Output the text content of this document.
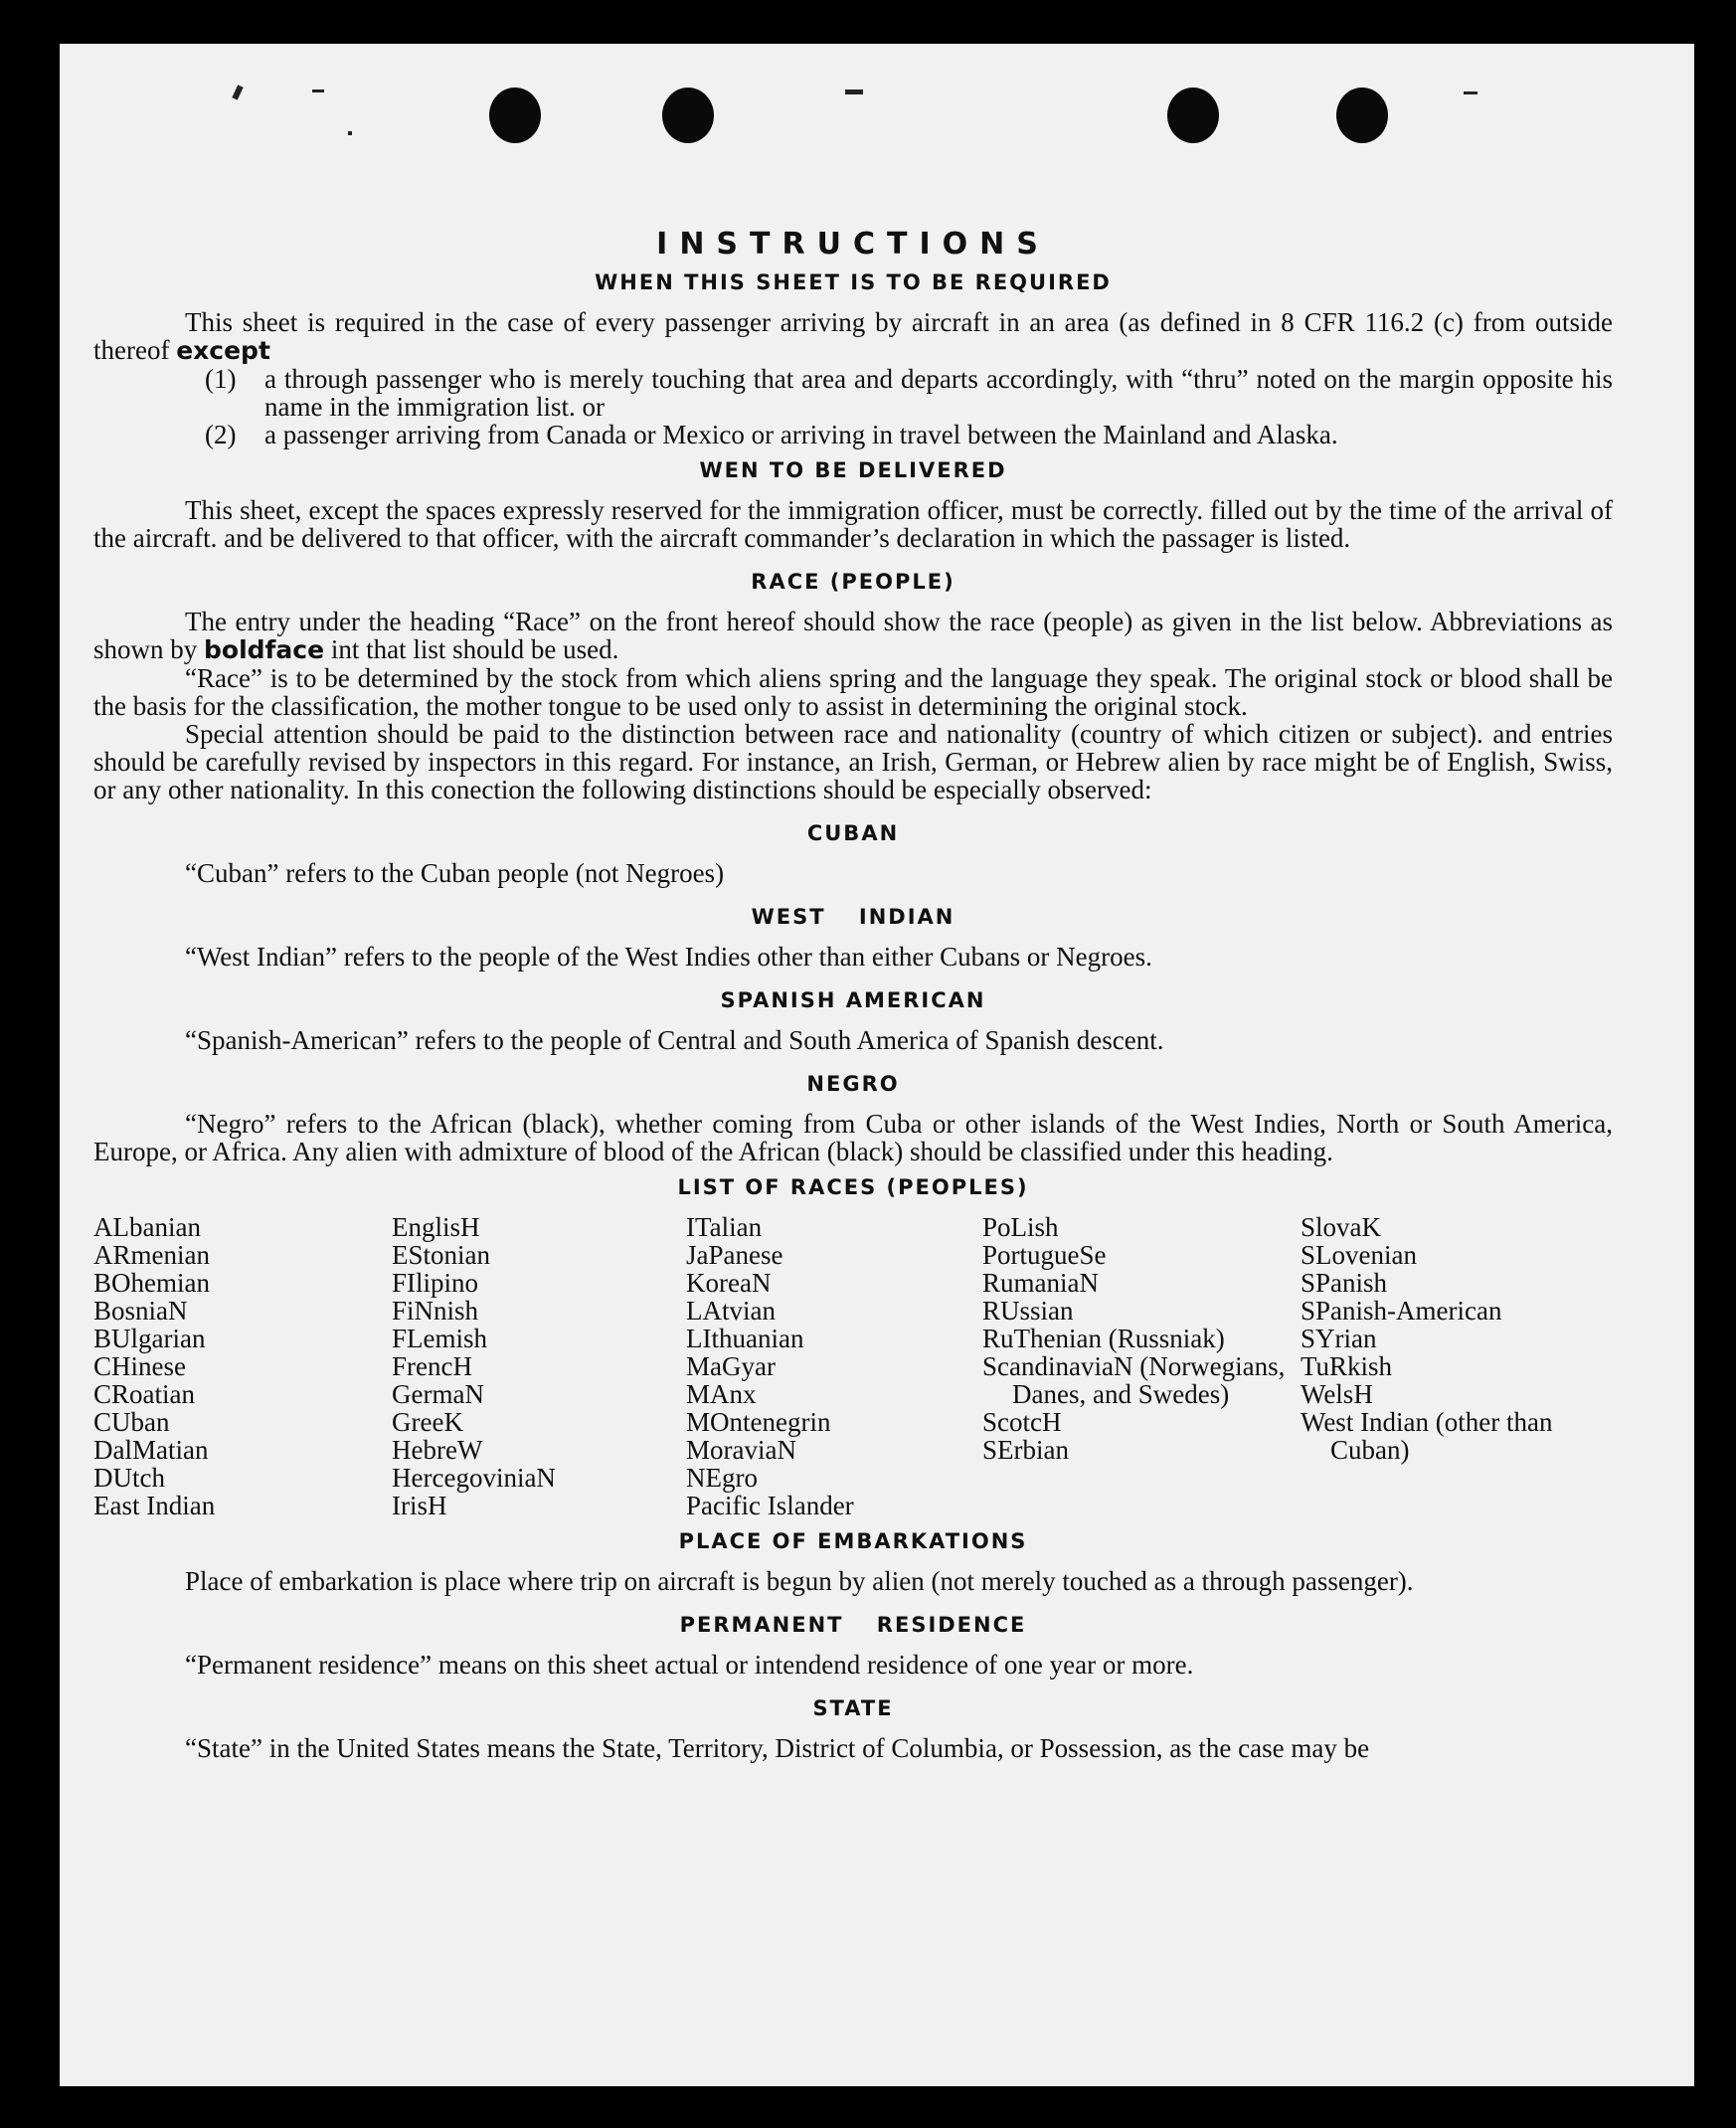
INSTRUCTIONS
WHEN THIS SHEET IS TO BE REQUIRED

This sheet is required in the case of every passenger arriving by aircraft in an area (as defined in 8 CFR 116.2 (c) from outside thereof except

(1)	a through passenger who is merely touching that area and departs accordingly, with “thru” noted on the margin opposite his name in the immigration list. or
(2)	a passenger arriving from Canada or Mexico or arriving in travel between the Mainland and Alaska.
WEN TO BE DELIVERED

This sheet, except the spaces expressly reserved for the immigration officer, must be correctly. filled out by the time of the arrival of the aircraft. and be delivered to that officer, with the aircraft commander’s declaration in which the passager is listed.

RACE (PEOPLE)

The entry under the heading “Race” on the front hereof should show the race (people) as given in the list below. Abbreviations as shown by boldface int that list should be used.

“Race” is to be determined by the stock from which aliens spring and the language they speak. The original stock or blood shall be the basis for the classification, the mother tongue to be used only to assist in determining the original stock.

Special attention should be paid to the distinction between race and nationality (country of which citizen or subject). and entries should be carefully revised by inspectors in this regard. For instance, an Irish, German, or Hebrew alien by race might be of English, Swiss, or any other nationality. In this conection the following distinctions should be especially observed:

CUBAN

“Cuban” refers to the Cuban people (not Negroes)

WEST INDIAN

“West Indian” refers to the people of the West Indies other than either Cubans or Negroes.

SPANISH AMERICAN

“Spanish-American” refers to the people of Central and South America of Spanish descent.

NEGRO

“Negro” refers to the African (black), whether coming from Cuba or other islands of the West Indies, North or South America, Europe, or Africa. Any alien with admixture of blood of the African (black) should be classified under this heading.

LIST OF RACES (PEOPLES)
ALbanian
ARmenian
BOhemian
BosniaN
BUlgarian
CHinese
CRoatian
CUban
DalMatian
DUtch
East Indian
EnglisH
EStonian
FIlipino
FiNnish
FLemish
FrencH
GermaN
GreeK
HebreW
HercegoviniaN
IrisH
ITalian
JaPanese
KoreaN
LAtvian
LIthuanian
MaGyar
MAnx
MOntenegrin
MoraviaN
NEgro
Pacific Islander
PoLish
PortugueSe
RumaniaN
RUssian
RuThenian (Russniak)
ScandinaviaN (Norwegians, Danes, and Swedes)
ScotcH
SErbian
SlovaK
SLovenian
SPanish
SPanish-American
SYrian
TuRkish
WelsH
West Indian (other than Cuban)
PLACE OF EMBARKATIONS

Place of embarkation is place where trip on aircraft is begun by alien (not merely touched as a through passenger).

PERMANENT RESIDENCE

“Permanent residence” means on this sheet actual or intendend residence of one year or more.

STATE

“State” in the United States means the State, Territory, District of Columbia, or Possession, as the case may be
